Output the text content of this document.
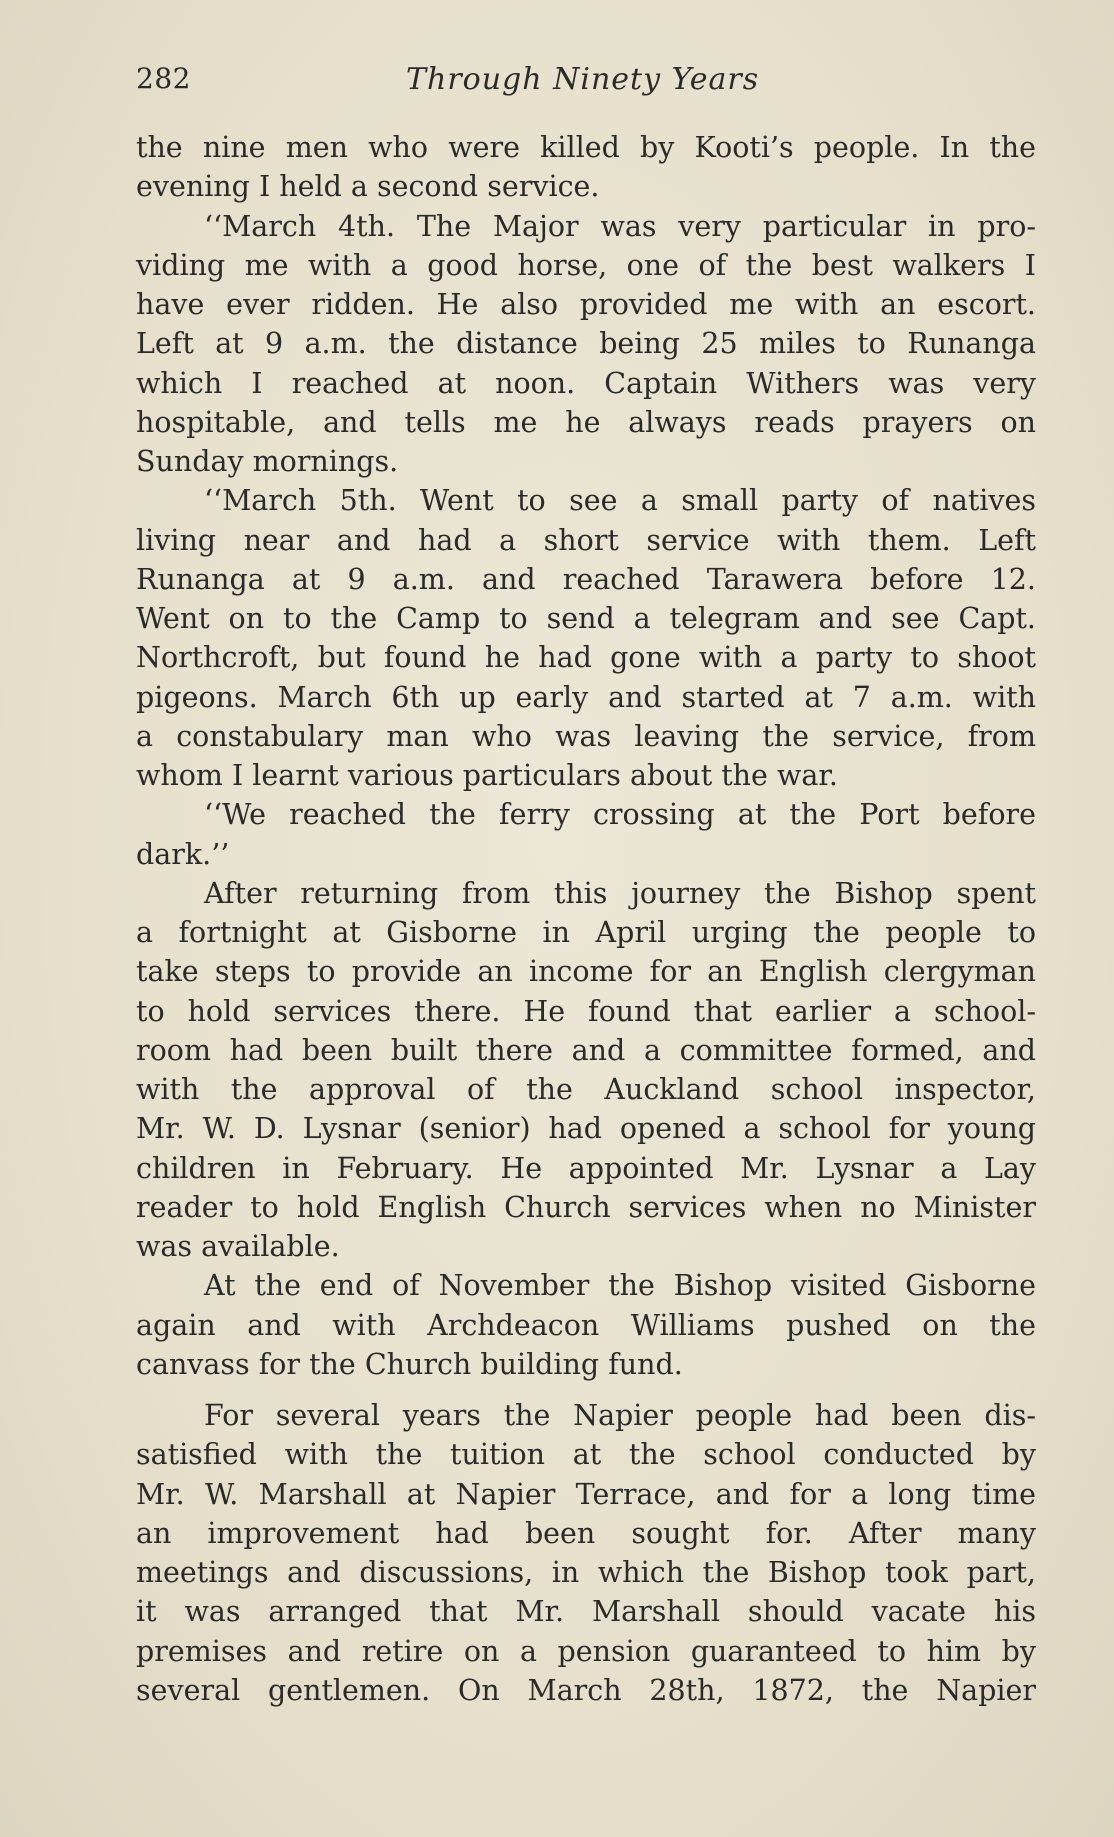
282	Through Ninety Years
the nine men who were killed by Kooti’s people. In the
evening I held a second service.
‘‘March 4th. The Major was very particular in pro-
viding me with a good horse, one of the best walkers I
have ever ridden. He also provided me with an escort.
Left at 9 a.m. the distance being 25 miles to Runanga
which I reached at noon. Captain Withers was very
hospitable, and tells me he always reads prayers on
Sunday mornings.
‘‘March 5th. Went to see a small party of natives
living near and had a short service with them. Left
Runanga at 9 a.m. and reached Tarawera before 12.
Went on to the Camp to send a telegram and see Capt.
Northcroft, but found he had gone with a party to shoot
pigeons. March 6th up early and started at 7 a.m. with
a constabulary man who was leaving the service, from
whom I learnt various particulars about the war.
‘‘We reached the ferry crossing at the Port before
dark.’’
After returning from this journey the Bishop spent
a fortnight at Gisborne in April urging the people to
take steps to provide an income for an English clergyman
to hold services there. He found that earlier a school-
room had been built there and a committee formed, and
with the approval of the Auckland school inspector,
Mr. W. D. Lysnar (senior) had opened a school for young
children in February. He appointed Mr. Lysnar a Lay
reader to hold English Church services when no Minister
was available.
At the end of November the Bishop visited Gisborne
again and with Archdeacon Williams pushed on the
canvass for the Church building fund.
For several years the Napier people had been dis-
satisfied with the tuition at the school conducted by
Mr. W. Marshall at Napier Terrace, and for a long time
an improvement had been sought for. After many
meetings and discussions, in which the Bishop took part,
it was arranged that Mr. Marshall should vacate his
premises and retire on a pension guaranteed to him by
several gentlemen. On March 28th, 1872, the Napier
